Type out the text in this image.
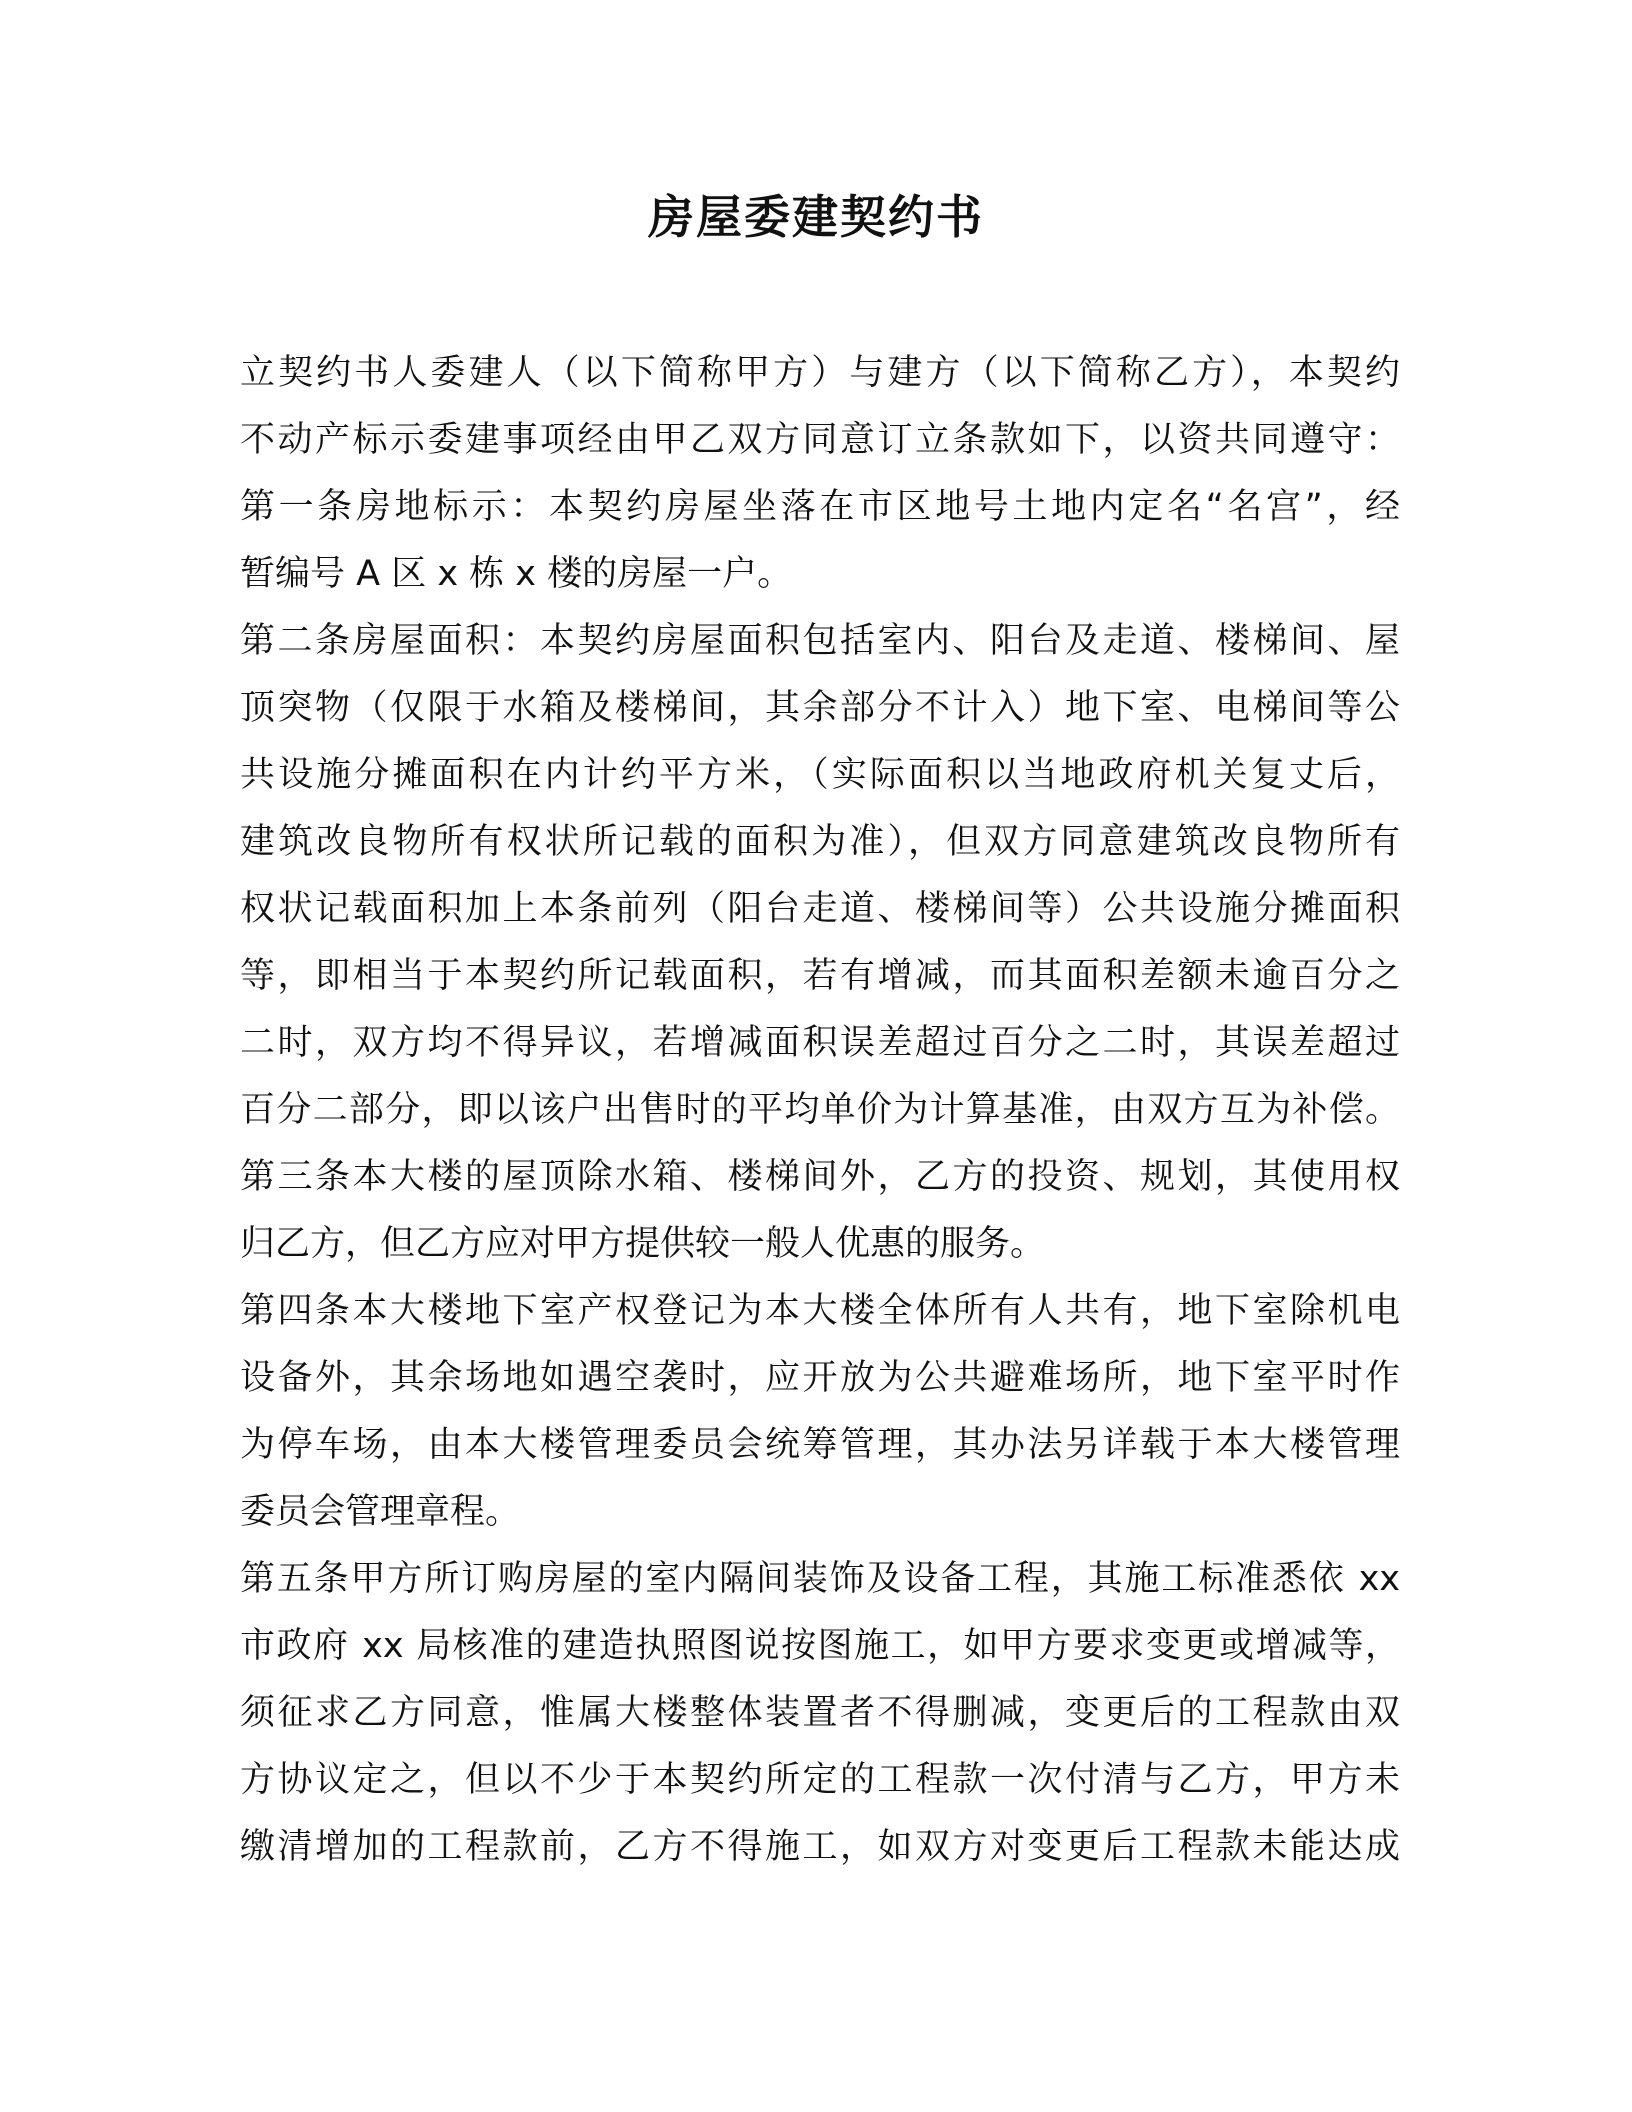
房屋委建契约书
立契约书人委建人（以下简称甲方）与建方（以下简称乙方），本契约
不动产标示委建事项经由甲乙双方同意订立条款如下，以资共同遵守：
第一条房地标示：本契约房屋坐落在市区地号土地内定名“名宫”，经
暂编号 A 区 x 栋 x 楼的房屋一户。
第二条房屋面积：本契约房屋面积包括室内、阳台及走道、楼梯间、屋
顶突物（仅限于水箱及楼梯间，其余部分不计入）地下室、电梯间等公
共设施分摊面积在内计约平方米，（实际面积以当地政府机关复丈后，
建筑改良物所有权状所记载的面积为准），但双方同意建筑改良物所有
权状记载面积加上本条前列（阳台走道、楼梯间等）公共设施分摊面积
等，即相当于本契约所记载面积，若有增减，而其面积差额未逾百分之
二时，双方均不得异议，若增减面积误差超过百分之二时，其误差超过
百分二部分，即以该户出售时的平均单价为计算基准，由双方互为补偿。
第三条本大楼的屋顶除水箱、楼梯间外，乙方的投资、规划，其使用权
归乙方，但乙方应对甲方提供较一般人优惠的服务。
第四条本大楼地下室产权登记为本大楼全体所有人共有，地下室除机电
设备外，其余场地如遇空袭时，应开放为公共避难场所，地下室平时作
为停车场，由本大楼管理委员会统筹管理，其办法另详载于本大楼管理
委员会管理章程。
第五条甲方所订购房屋的室内隔间装饰及设备工程，其施工标准悉依 xx
市政府 xx 局核准的建造执照图说按图施工，如甲方要求变更或增减等，
须征求乙方同意，惟属大楼整体装置者不得删减，变更后的工程款由双
方协议定之，但以不少于本契约所定的工程款一次付清与乙方，甲方未
缴清增加的工程款前，乙方不得施工，如双方对变更后工程款未能达成
